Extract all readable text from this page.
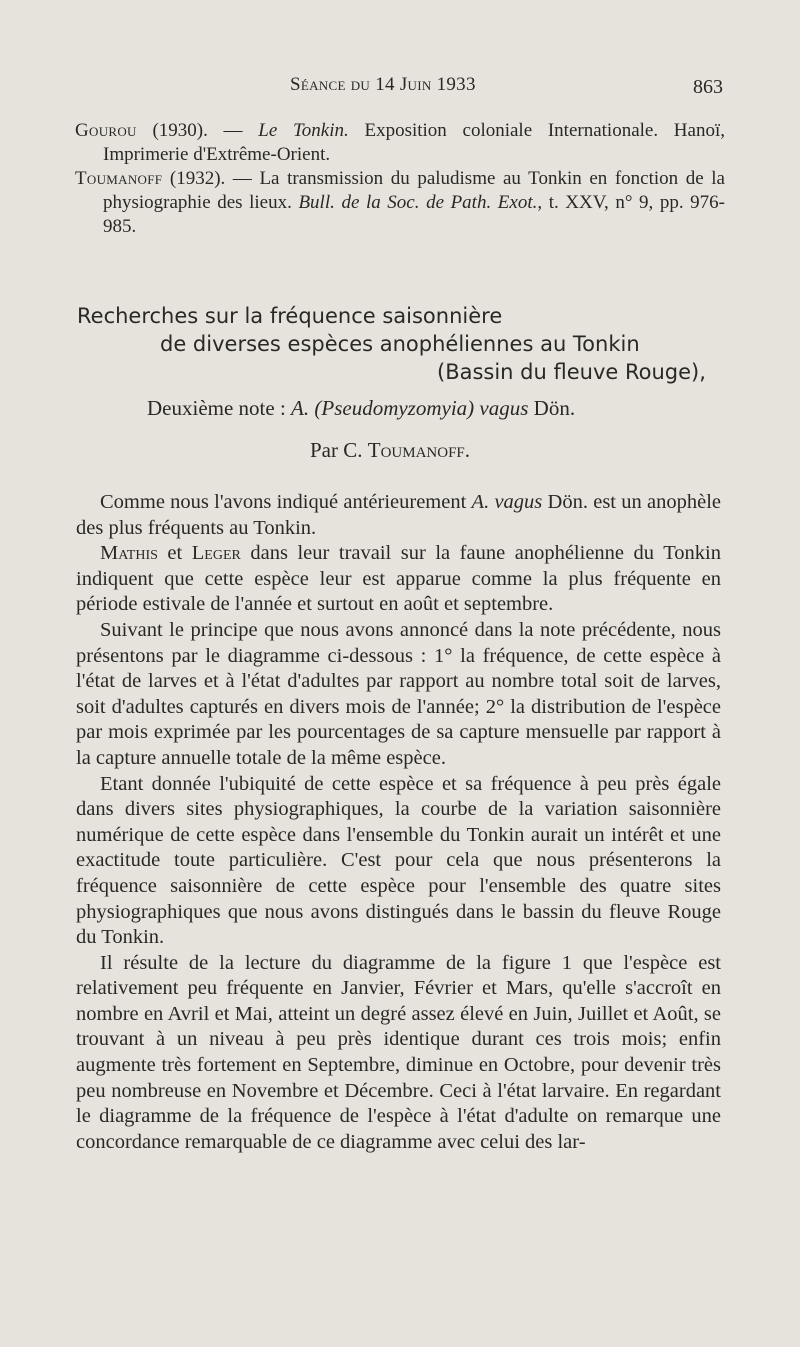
Séance du 14 Juin 1933	863

Gourou (1930). — Le Tonkin. Exposition coloniale Internationale. Hanoï, Imprimerie d'Extrême-Orient.

Toumanoff (1932). — La transmission du paludisme au Tonkin en fonction de la physiographie des lieux. Bull. de la Soc. de Path. Exot., t. XXV, n° 9, pp. 976-985.

Recherches sur la fréquence saisonnière
de diverses espèces anophéliennes au Tonkin
(Bassin du fleuve Rouge),
Deuxième note : A. (Pseudomyzomyia) vagus Dön.
Par C. Toumanoff.

Comme nous l'avons indiqué antérieurement A. vagus Dön. est un anophèle des plus fréquents au Tonkin.

Mathis et Leger dans leur travail sur la faune anophélienne du Tonkin indiquent que cette espèce leur est apparue comme la plus fréquente en période estivale de l'année et surtout en août et septembre.

Suivant le principe que nous avons annoncé dans la note précédente, nous présentons par le diagramme ci-dessous : 1° la fréquence, de cette espèce à l'état de larves et à l'état d'adultes par rapport au nombre total soit de larves, soit d'adultes capturés en divers mois de l'année; 2° la distribution de l'espèce par mois exprimée par les pourcentages de sa capture mensuelle par rapport à la capture annuelle totale de la même espèce.

Etant donnée l'ubiquité de cette espèce et sa fréquence à peu près égale dans divers sites physiographiques, la courbe de la variation saisonnière numérique de cette espèce dans l'ensemble du Tonkin aurait un intérêt et une exactitude toute particulière. C'est pour cela que nous présenterons la fréquence saisonnière de cette espèce pour l'ensemble des quatre sites physiographiques que nous avons distingués dans le bassin du fleuve Rouge du Tonkin.

Il résulte de la lecture du diagramme de la figure 1 que l'espèce est relativement peu fréquente en Janvier, Février et Mars, qu'elle s'accroît en nombre en Avril et Mai, atteint un degré assez élevé en Juin, Juillet et Août, se trouvant à un niveau à peu près identique durant ces trois mois; enfin augmente très fortement en Septembre, diminue en Octobre, pour devenir très peu nombreuse en Novembre et Décembre. Ceci à l'état larvaire. En regardant le diagramme de la fréquence de l'espèce à l'état d'adulte on remarque une concordance remarquable de ce diagramme avec celui des lar-
